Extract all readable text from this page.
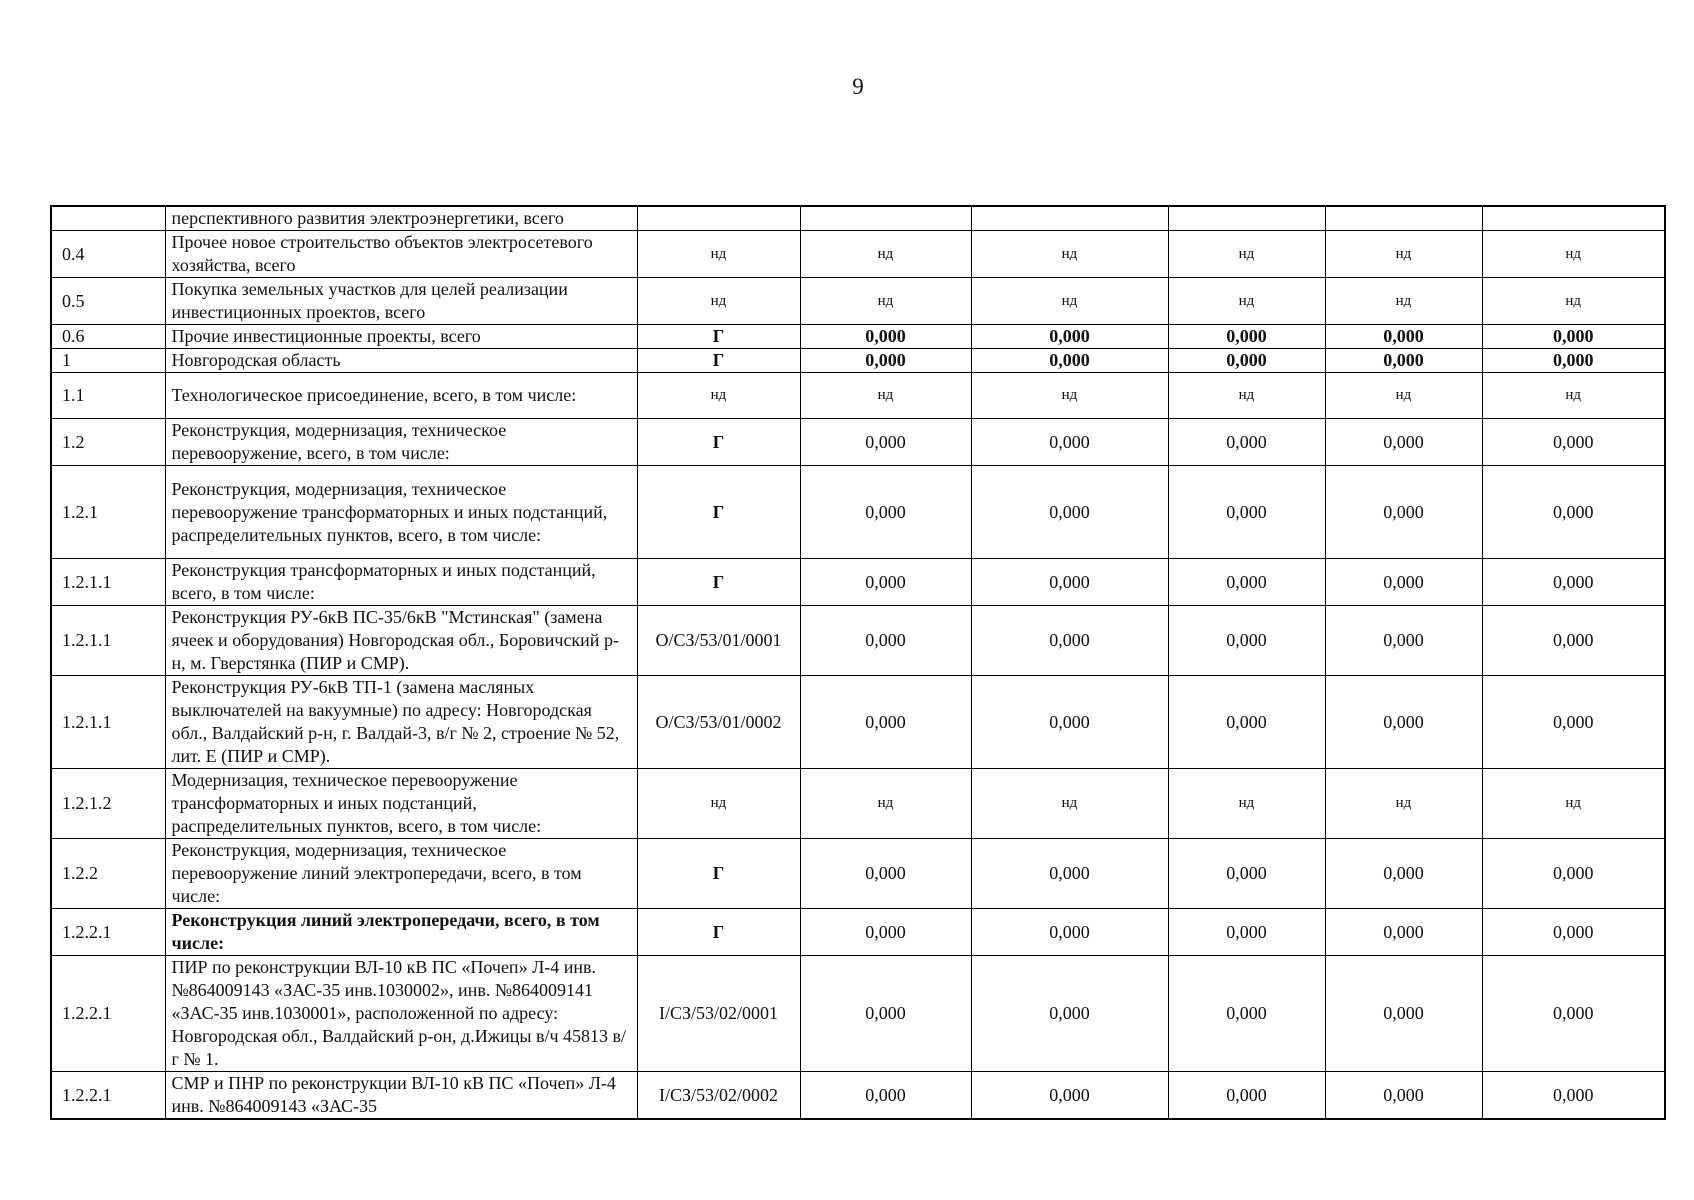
9
	перспективного развития электроэнергетики, всего						
0.4	Прочее новое строительство объектов электросетевого хозяйства, всего	нд	нд	нд	нд	нд	нд
0.5	Покупка земельных участков для целей реализации инвестиционных проектов, всего	нд	нд	нд	нд	нд	нд
0.6	Прочие инвестиционные проекты, всего	Г	0,000	0,000	0,000	0,000	0,000
1	Новгородская область	Г	0,000	0,000	0,000	0,000	0,000
1.1	Технологическое присоединение, всего, в том числе:	нд	нд	нд	нд	нд	нд
1.2	Реконструкция, модернизация, техническое перевооружение, всего, в том числе:	Г	0,000	0,000	0,000	0,000	0,000
1.2.1	Реконструкция, модернизация, техническое перевооружение трансформаторных и иных подстанций, распределительных пунктов, всего, в том числе:	Г	0,000	0,000	0,000	0,000	0,000
1.2.1.1	Реконструкция трансформаторных и иных подстанций, всего, в том числе:	Г	0,000	0,000	0,000	0,000	0,000
1.2.1.1	Реконструкция РУ-6кВ ПС-35/6кВ "Мстинская" (замена ячеек и оборудования) Новгородская обл., Боровичский р-н, м. Гверстянка (ПИР и СМР).	О/СЗ/53/01/0001	0,000	0,000	0,000	0,000	0,000
1.2.1.1	Реконструкция РУ-6кВ ТП-1 (замена масляных выключателей на вакуумные) по адресу: Новгородская обл., Валдайский р-н, г. Валдай-3, в/г № 2, строение № 52, лит. Е (ПИР и СМР).	О/СЗ/53/01/0002	0,000	0,000	0,000	0,000	0,000
1.2.1.2	Модернизация, техническое перевооружение трансформаторных и иных подстанций, распределительных пунктов, всего, в том числе:	нд	нд	нд	нд	нд	нд
1.2.2	Реконструкция, модернизация, техническое перевооружение линий электропередачи, всего, в том числе:	Г	0,000	0,000	0,000	0,000	0,000
1.2.2.1	Реконструкция линий электропередачи, всего, в том числе:	Г	0,000	0,000	0,000	0,000	0,000
1.2.2.1	ПИР по реконструкции ВЛ-10 кВ ПС «Почеп» Л-4 инв. №864009143 «ЗАС-35 инв.1030002», инв. №864009141 «ЗАС-35 инв.1030001», расположенной по адресу: Новгородская обл., Валдайский р-он, д.Ижицы в/ч 45813 в/г № 1.	I/СЗ/53/02/0001	0,000	0,000	0,000	0,000	0,000
1.2.2.1	СМР и ПНР по реконструкции ВЛ-10 кВ ПС «Почеп» Л-4 инв. №864009143 «ЗАС-35	I/СЗ/53/02/0002	0,000	0,000	0,000	0,000	0,000
